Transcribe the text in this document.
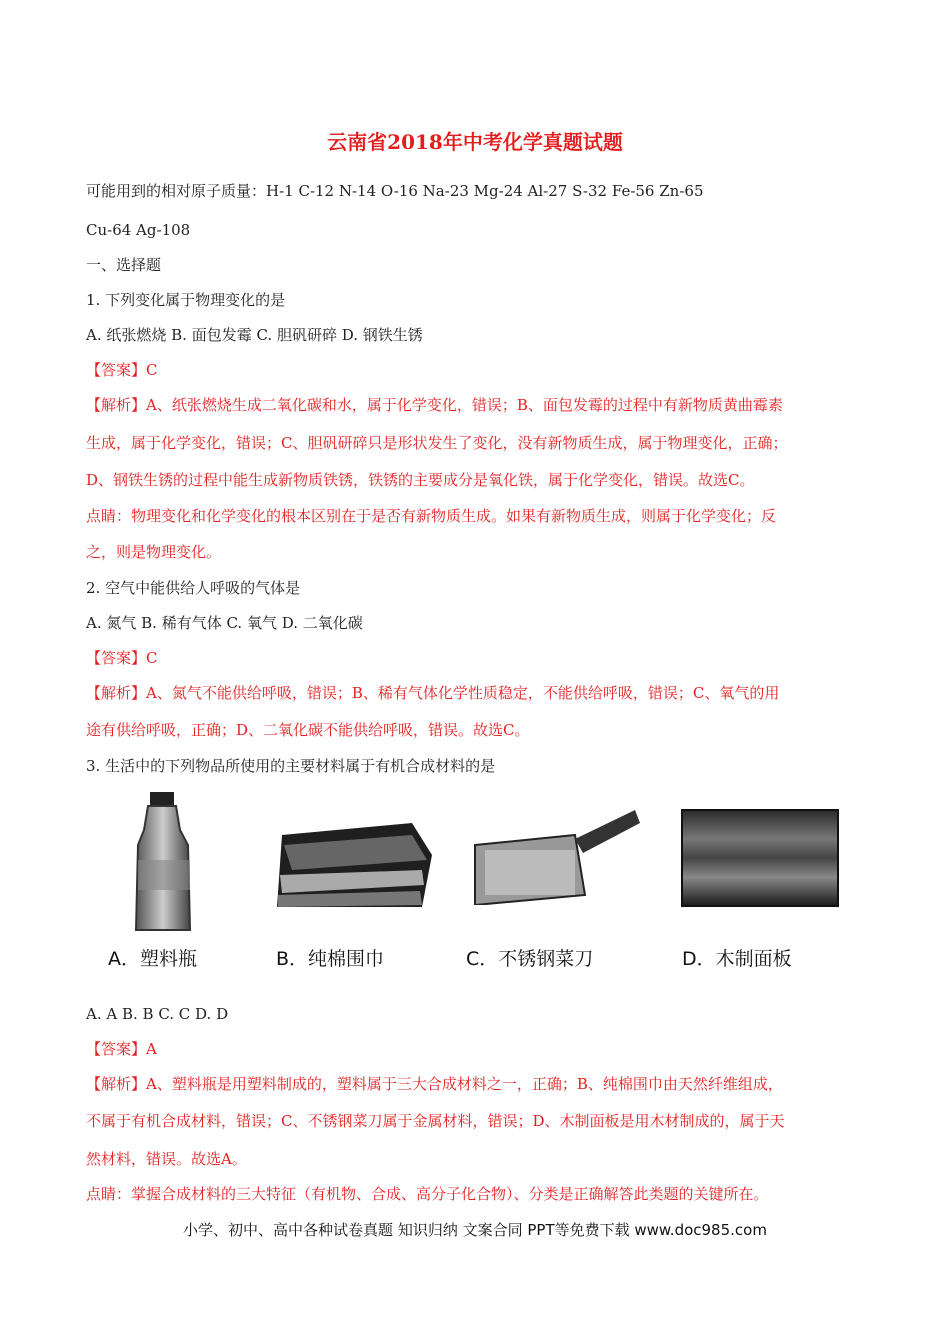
云南省2018年中考化学真题试题
可能用到的相对原子质量：H-1 C-12 N-14 O-16 Na-23 Mg-24 Al-27 S-32 Fe-56 Zn-65
Cu-64 Ag-108
一、选择题
1. 下列变化属于物理变化的是
A. 纸张燃烧 B. 面包发霉 C. 胆矾研碎 D. 钢铁生锈
【答案】C
【解析】A、纸张燃烧生成二氧化碳和水，属于化学变化，错误；B、面包发霉的过程中有新物质黄曲霉素
生成，属于化学变化，错误；C、胆矾研碎只是形状发生了变化，没有新物质生成，属于物理变化，正确；
D、钢铁生锈的过程中能生成新物质铁锈，铁锈的主要成分是氧化铁，属于化学变化，错误。故选C。
点睛：物理变化和化学变化的根本区别在于是否有新物质生成。如果有新物质生成，则属于化学变化；反
之，则是物理变化。
2. 空气中能供给人呼吸的气体是
A. 氮气 B. 稀有气体 C. 氧气 D. 二氧化碳
【答案】C
【解析】A、氮气不能供给呼吸，错误；B、稀有气体化学性质稳定，不能供给呼吸，错误；C、氧气的用
途有供给呼吸，正确；D、二氧化碳不能供给呼吸，错误。故选C。
3. 生活中的下列物品所使用的主要材料属于有机合成材料的是
A．塑料瓶	B．纯棉围巾	C．不锈钢菜刀	D．木制面板
A. A B. B C. C D. D
【答案】A
【解析】A、塑料瓶是用塑料制成的，塑料属于三大合成材料之一，正确；B、纯棉围巾由天然纤维组成，
不属于有机合成材料，错误；C、不锈钢菜刀属于金属材料，错误；D、木制面板是用木材制成的，属于天
然材料，错误。故选A。
点睛：掌握合成材料的三大特征（有机物、合成、高分子化合物）、分类是正确解答此类题的关键所在。
小学、初中、高中各种试卷真题 知识归纳 文案合同 PPT等免费下载 www.doc985.com
